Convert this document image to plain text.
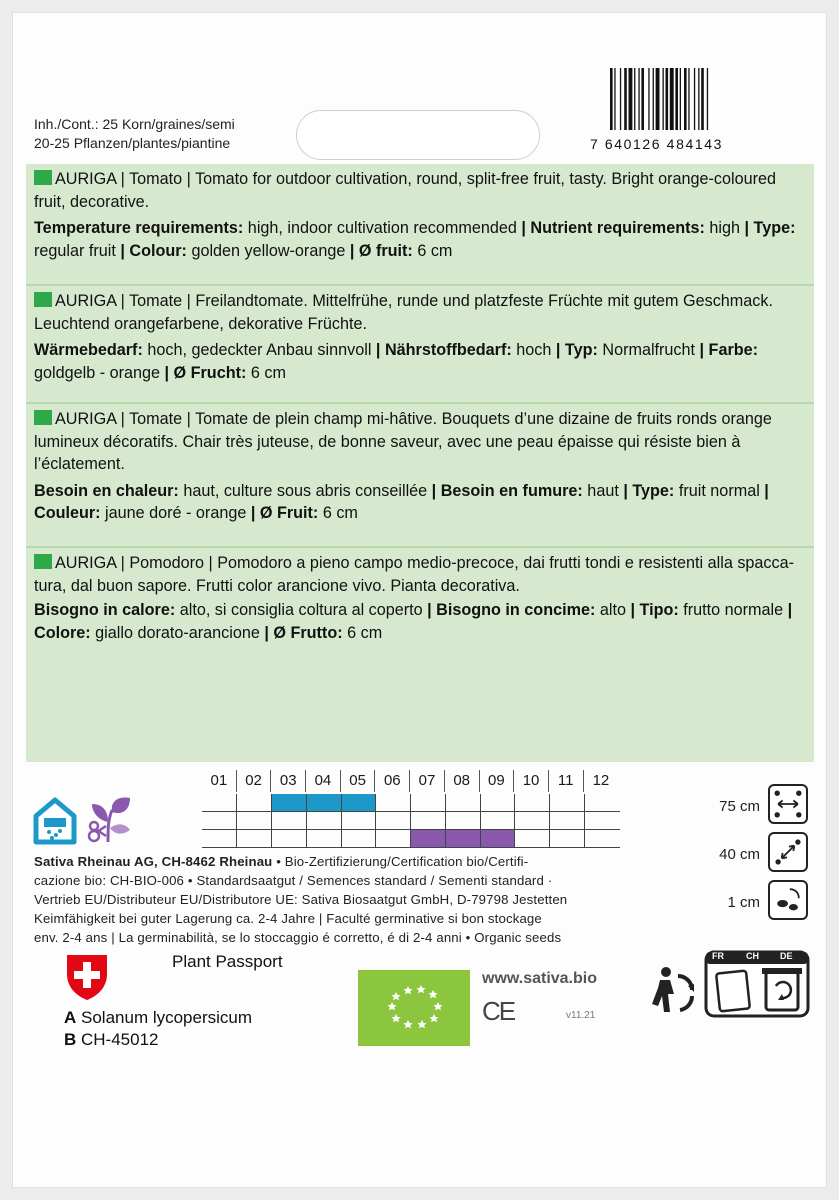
Inh./Cont.: 25 Korn/graines/semi
20-25 Pflanzen/plantes/piantine	7 640126 484143
AURIGA | Tomato | Tomato for outdoor cultivation, round, split-free fruit, tasty. Bright orange-coloured fruit, decorative.
Temperature requirements: high, indoor cultivation recommended | Nutrient requirements: high | Type: regular fruit | Colour: golden yellow-orange | Ø fruit: 6 cm
AURIGA | Tomate | Freilandtomate. Mittelfrühe, runde und platzfeste Früchte mit gutem Geschmack. Leuchtend orangefarbene, dekorative Früchte.
Wärmebedarf: hoch, gedeckter Anbau sinnvoll | Nährstoffbedarf: hoch | Typ: Normalfrucht | Farbe: goldgelb - orange | Ø Frucht: 6 cm
AURIGA | Tomate | Tomate de plein champ mi-hâtive. Bouquets d’une dizaine de fruits ronds orange lumineux décoratifs. Chair très juteuse, de bonne saveur, avec une peau épaisse qui résiste bien à l’éclatement.
Besoin en chaleur: haut, culture sous abris conseillée | Besoin en fumure: haut | Type: fruit normal | Couleur: jaune doré - orange | Ø Fruit: 6 cm
AURIGA | Pomodoro | Pomodoro a pieno campo medio-precoce, dai frutti tondi e resistenti alla spacca-tura, dal buon sapore. Frutti color arancione vivo. Pianta decorativa.
Bisogno in calore: alto, si consiglia coltura al coperto | Bisogno in concime: alto | Tipo: frutto normale | Colore: giallo dorato-arancione | Ø Frutto: 6 cm
01	02	03	04	05	06	07	08	09	10	11	12
75 cm
40 cm
1 cm
Sativa Rheinau AG, CH-8462 Rheinau • Bio-Zertifizierung/Certification bio/Certifi-
cazione bio: CH-BIO-006 • Standardsaatgut / Semences standard / Sementi standard ·
Vertrieb EU/Distributeur EU/Distributore UE: Sativa Biosaatgut GmbH, D-79798 Jestetten
Keimfähigkeit bei guter Lagerung ca. 2-4 Jahre | Faculté germinative si bon stockage
env. 2-4 ans | La germinabilità, se lo stoccaggio é corretto, é di 2-4 anni • Organic seeds
Plant Passport
A Solanum lycopersicum
B CH-45012
www.sativa.bio
CE	v11.21
FR CH DE
